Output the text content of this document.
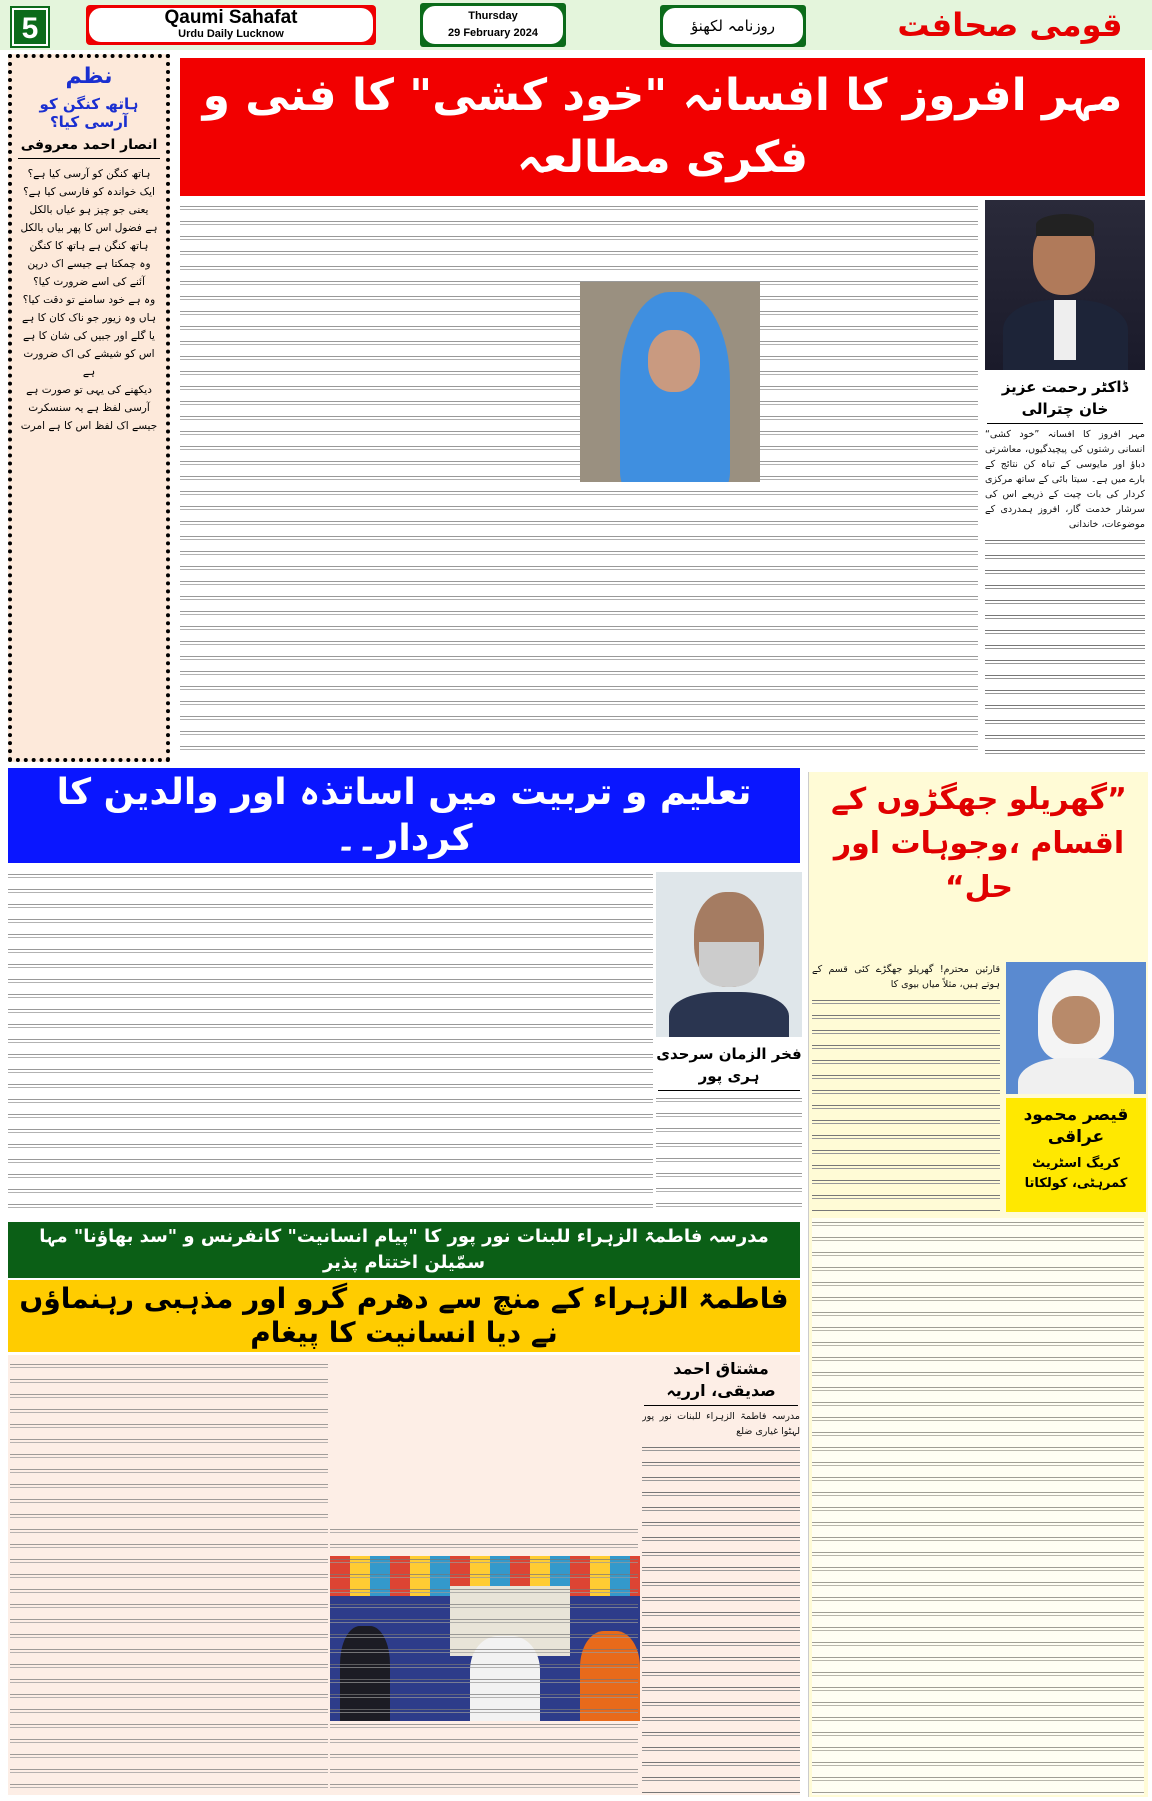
5	Qaumi Sahafat
Urdu Daily Lucknow
Thursday
29 February 2024	روزنامہ لکھنؤ	قومی صحافت
نظم
ہاتھ کنگن کو آرسی کیا؟
انصار احمد معروفی
ہاتھ کنگن کو آرسی کیا ہے؟
ایک خواندہ کو فارسی کیا ہے؟
یعنی جو چیز ہو عیاں بالکل
ہے فضول اس کا پھر بیاں بالکل
ہاتھ کنگن ہے ہاتھ کا کنگن
وہ چمکتا ہے جیسے اک درپن
آئنے کی اسے ضرورت کیا؟
وہ ہے خود سامنے تو دقت کیا؟
ہاں وہ زیور جو ناک کان کا ہے
یا گلے اور جبیں کی شان کا ہے
اس کو شیشے کی اک ضرورت ہے
دیکھنے کی یہی تو صورت ہے
آرسی لفظ ہے یہ سنسکرت
جیسے اک لفظ اس کا ہے امرت
مہر افروز کا افسانہ "خود کشی" کا فنی و فکری مطالعہ
ڈاکٹر رحمت عزیز خان چترالی

مہر افروز کا افسانہ ”خود کشی“ انسانی رشتوں کی پیچیدگیوں، معاشرتی دباؤ اور مایوسی کے تباہ کن نتائج کے بارے میں ہے۔ سیتا بائی کے ساتھ مرکزی کردار کی بات چیت کے ذریعے اس کی سرشار خدمت گار، افروز ہمدردی کے موضوعات، خاندانی

تعلیم و تربیت میں اساتذہ اور والدین کا کردار۔۔
فخر الزمان سرحدی ہری پور
”گھریلو جھگڑوں کے اقسام ،وجوہات اور حل“

قارئین محترم! گھریلو جھگڑے کئی قسم کے ہوتے ہیں، مثلاً میاں بیوی کا

قیصر محمود عراقی
کریگ اسٹریٹ کمرہٹی، کولکاتا
مدرسہ فاطمۃ الزہراء للبنات نور پور کا "پیام انسانیت" کانفرنس و "سد بھاؤنا" مہا سمّیلن اختتام پذیر
فاطمۃ الزہراء کے منچ سے دھرم گرو اور مذہبی رہنماؤں نے دیا انسانیت کا پیغام
مشتاق احمد صدیقی، ارریہ

مدرسہ فاطمۃ الزہراء للبنات نور پور لہٹوا غیاری ضلع
